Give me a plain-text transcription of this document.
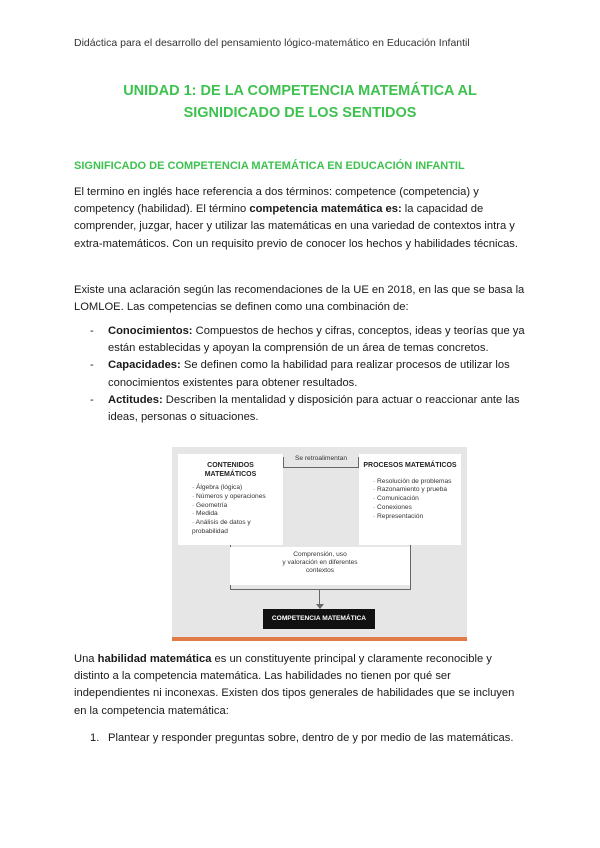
Didáctica para el desarrollo del pensamiento lógico-matemático en Educación Infantil
UNIDAD 1: DE LA COMPETENCIA MATEMÁTICA AL
SIGNIDICADO DE LOS SENTIDOS
SIGNIFICADO DE COMPETENCIA MATEMÁTICA EN EDUCACIÓN INFANTIL

El termino en inglés hace referencia a dos términos: competence (competencia) y competency (habilidad). El término competencia matemática es: la capacidad de comprender, juzgar, hacer y utilizar las matemáticas en una variedad de contextos intra y extra-matemáticos. Con un requisito previo de conocer los hechos y habilidades técnicas.

Existe una aclaración según las recomendaciones de la UE en 2018, en las que se basa la LOMLOE. Las competencias se definen como una combinación de:

- Conocimientos: Compuestos de hechos y cifras, conceptos, ideas y teorías que ya están establecidas y apoyan la comprensión de un área de temas concretos.
- Capacidades: Se definen como la habilidad para realizar procesos de utilizar los conocimientos existentes para obtener resultados.
- Actitudes: Describen la mentalidad y disposición para actuar o reaccionar ante las ideas, personas o situaciones.
CONTENIDOS
MATEMÁTICOS
· Álgebra (lógica)
· Números y operaciones
· Geometría
· Medida
· Análisis de datos y probabilidad
Se retroalimentan
PROCESOS MATEMÁTICOS
· Resolución de problemas
· Razonamiento y prueba
· Comunicación
· Conexiones
· Representación
Comprensión, uso
y valoración en diferentes
contextos
COMPETENCIA MATEMÁTICA

Una habilidad matemática es un constituyente principal y claramente reconocible y distinto a la competencia matemática. Las habilidades no tienen por qué ser independientes ni inconexas. Existen dos tipos generales de habilidades que se incluyen en la competencia matemática:

1. Plantear y responder preguntas sobre, dentro de y por medio de las matemáticas.
